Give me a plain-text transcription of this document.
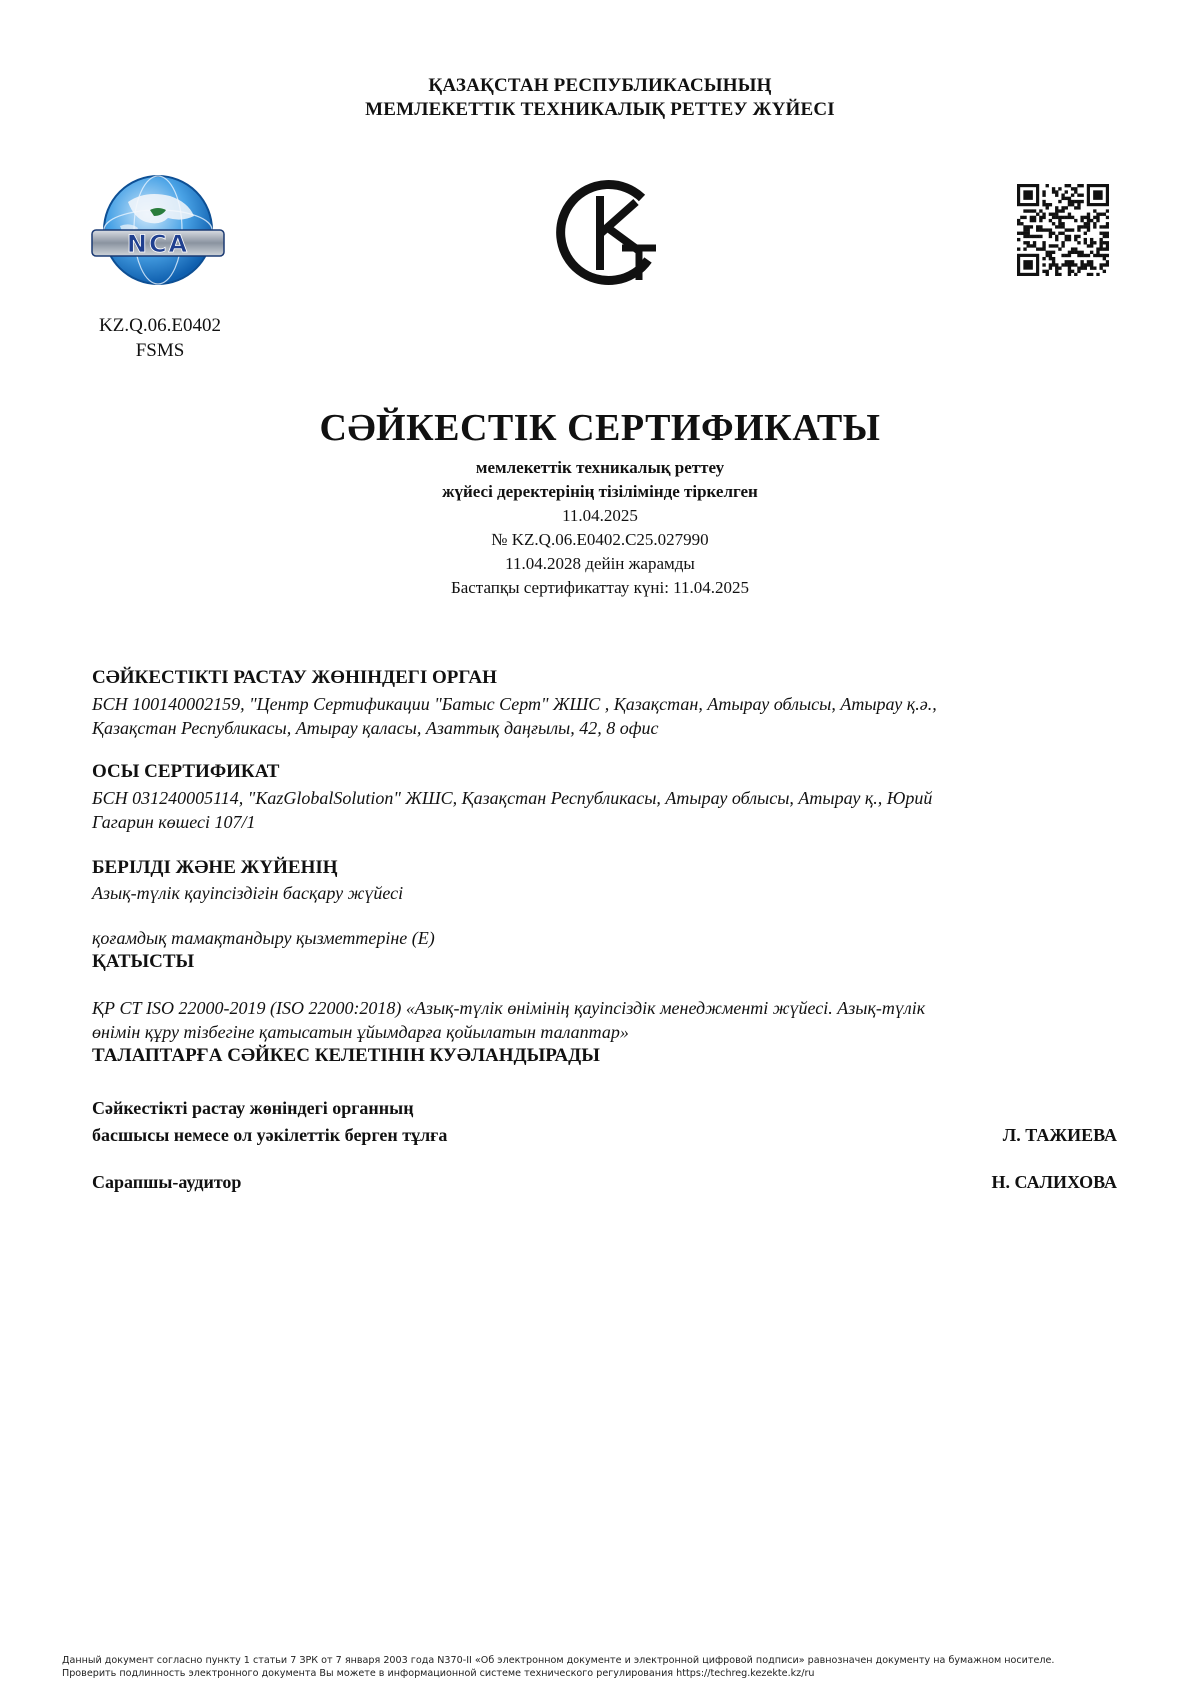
ҚАЗАҚСТАН РЕСПУБЛИКАСЫНЫҢ
МЕМЛЕКЕТТІК ТЕХНИКАЛЫҚ РЕТТЕУ ЖҮЙЕСІ
NCA
KZ.Q.06.E0402
FSMS
СӘЙКЕСТІК СЕРТИФИКАТЫ
мемлекеттік техникалық реттеу
жүйесі деректерінің тізілімінде тіркелген
11.04.2025
№ KZ.Q.06.E0402.C25.027990
11.04.2028 дейін жарамды
Бастапқы сертификаттау күні: 11.04.2025
СӘЙКЕСТІКТІ РАСТАУ ЖӨНІНДЕГІ ОРГАН
БСН 100140002159, "Центр Сертификации "Батыс Серт" ЖШС , Қазақстан, Атырау облысы, Атырау қ.ә.,
Қазақстан Республикасы, Атырау қаласы, Азаттық даңғылы, 42, 8 офис
ОСЫ СЕРТИФИКАТ
БСН 031240005114, "KazGlobalSolution" ЖШС, Қазақстан Республикасы, Атырау облысы, Атырау қ., Юрий
Гагарин көшесі 107/1
БЕРІЛДІ ЖӘНЕ ЖҮЙЕНІҢ
Азық-түлік қауіпсіздігін басқару жүйесі
қоғамдық тамақтандыру қызметтеріне (E)
ҚАТЫСТЫ
ҚР СТ ISO 22000-2019 (ISO 22000:2018) «Азық-түлік өнімінің қауіпсіздік менеджменті жүйесі. Азық-түлік
өнімін құру тізбегіне қатысатын ұйымдарға қойылатын талаптар»
ТАЛАПТАРҒА СӘЙКЕС КЕЛЕТІНІН КУӘЛАНДЫРАДЫ
Сәйкестікті растау жөніндегі органның
басшысы немесе ол уәкілеттік берген тұлға	Л. ТАЖИЕВА
Сарапшы-аудитор	Н. САЛИХОВА
Данный документ согласно пункту 1 статьи 7 ЗРК от 7 января 2003 года N370-II «Об электронном документе и электронной цифровой подписи» равнозначен документу на бумажном носителе.
Проверить подлинность электронного документа Вы можете в информационной системе технического регулирования https://techreg.kezekte.kz/ru
